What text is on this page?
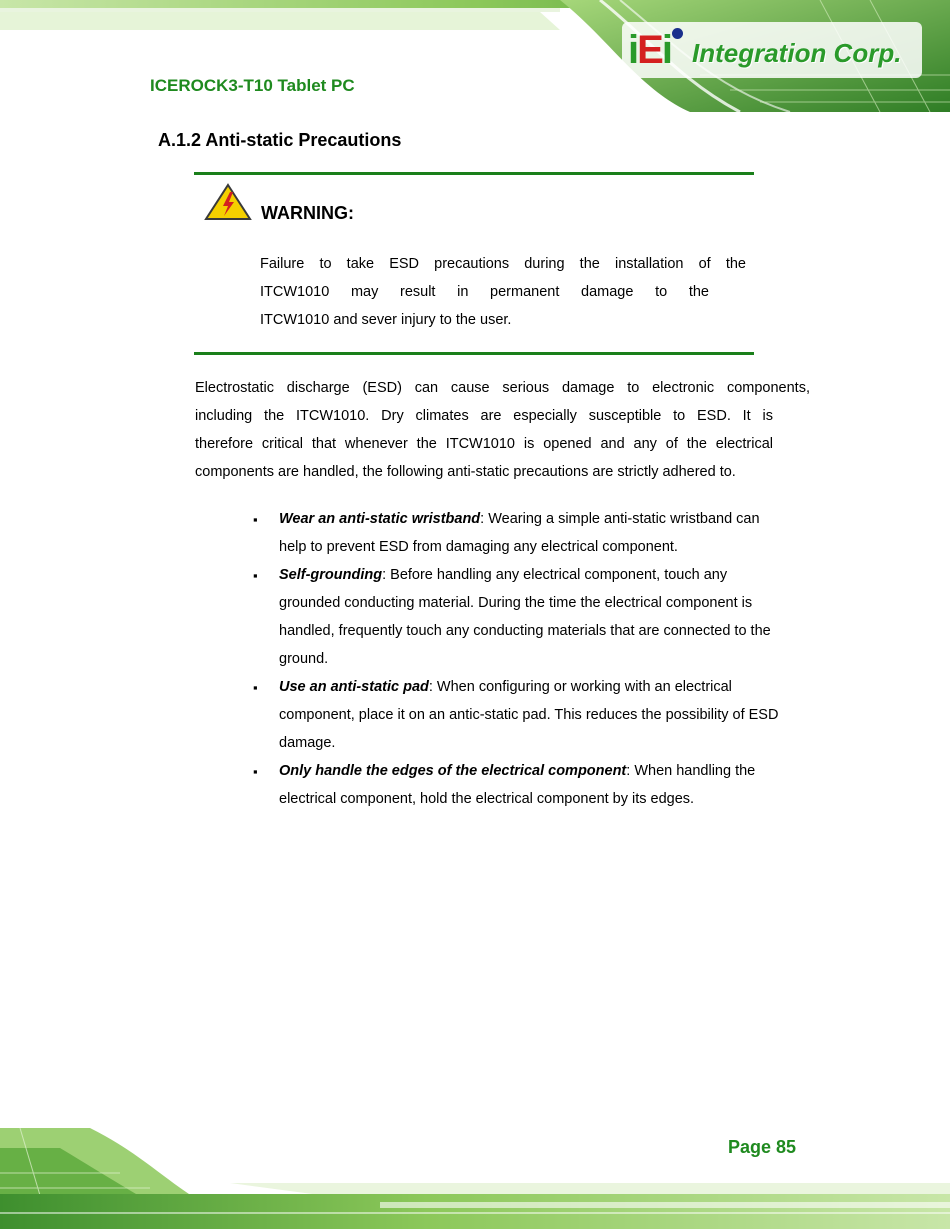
ICEROCK3-T10 Tablet PC
iEi Integration Corp.
A.1.2 Anti-static Precautions
WARNING:
Failure to take ESD precautions during the installation of the
ITCW1010 may result in permanent damage to the
ITCW1010 and sever injury to the user.
Electrostatic discharge (ESD) can cause serious damage to electronic components,
including the ITCW1010. Dry climates are especially susceptible to ESD. It is
therefore critical that whenever the ITCW1010 is opened and any of the electrical
components are handled, the following anti-static precautions are strictly adhered to.
▪ Wear an anti-static wristband: Wearing a simple anti-static wristband can
help to prevent ESD from damaging any electrical component.
▪ Self-grounding: Before handling any electrical component, touch any
grounded conducting material. During the time the electrical component is
handled, frequently touch any conducting materials that are connected to the
ground.
▪ Use an anti-static pad: When configuring or working with an electrical
component, place it on an antic-static pad. This reduces the possibility of ESD
damage.
▪ Only handle the edges of the electrical component: When handling the
electrical component, hold the electrical component by its edges.
Page 85
